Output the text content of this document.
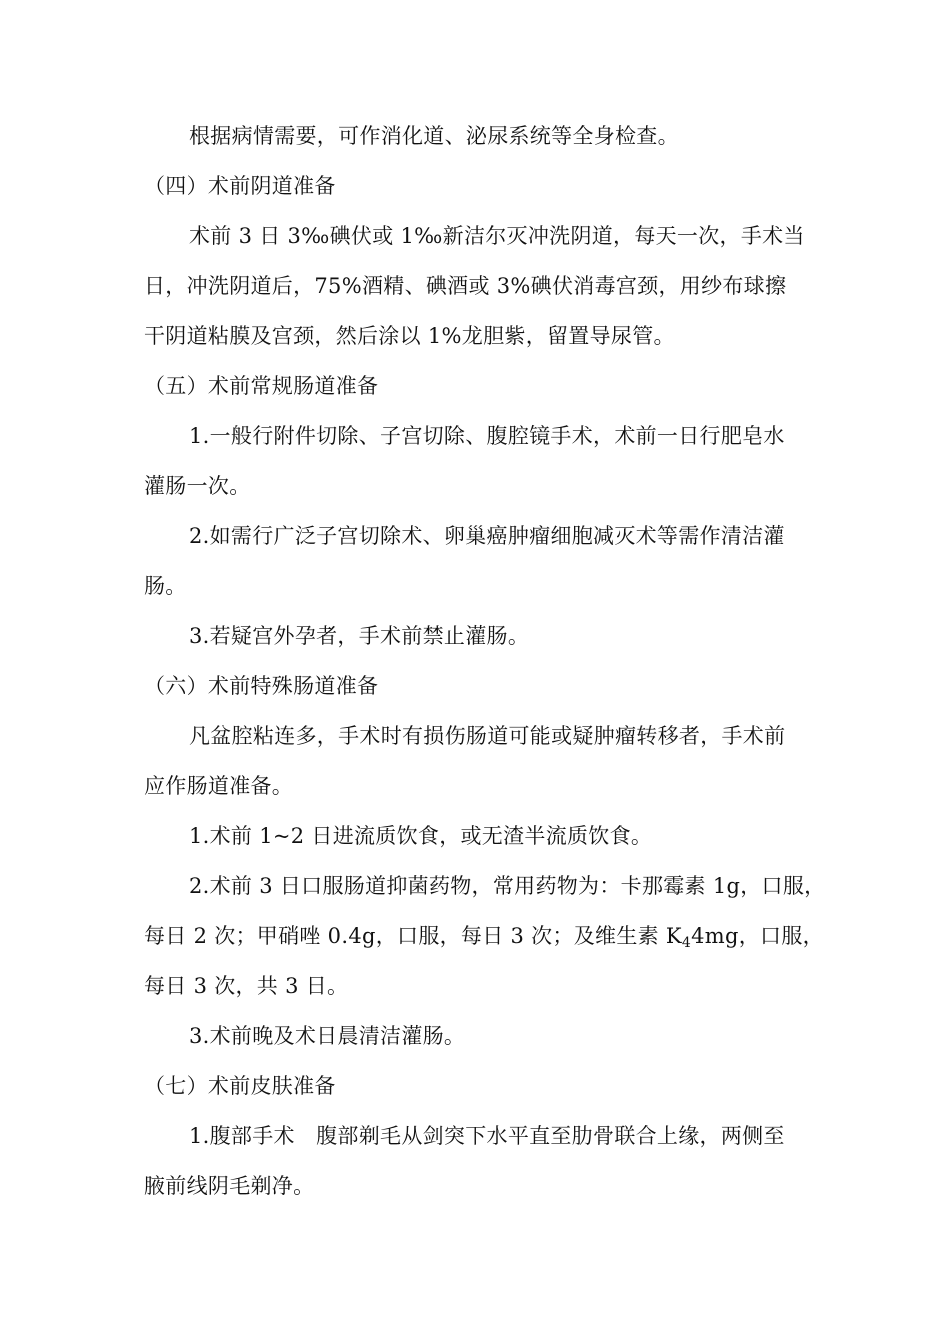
根据病情需要，可作消化道、泌尿系统等全身检查。
（四）术前阴道准备
术前 3 日 3‰碘伏或 1‰新洁尔灭冲洗阴道，每天一次，手术当
日，冲洗阴道后，75%酒精、碘酒或 3%碘伏消毒宫颈，用纱布球擦
干阴道粘膜及宫颈，然后涂以 1%龙胆紫，留置导尿管。
（五）术前常规肠道准备
1.一般行附件切除、子宫切除、腹腔镜手术，术前一日行肥皂水
灌肠一次。
2.如需行广泛子宫切除术、卵巢癌肿瘤细胞减灭术等需作清洁灌
肠。
3.若疑宫外孕者，手术前禁止灌肠。
（六）术前特殊肠道准备
凡盆腔粘连多，手术时有损伤肠道可能或疑肿瘤转移者，手术前
应作肠道准备。
1.术前 1~2 日进流质饮食，或无渣半流质饮食。
2.术前 3 日口服肠道抑菌药物，常用药物为：卡那霉素 1g，口服，
每日 2 次；甲硝唑 0.4g，口服，每日 3 次；及维生素 $K_44mg$，口服，
每日 3 次，共 3 日。
3.术前晚及术日晨清洁灌肠。
（七）术前皮肤准备
1.腹部手术　腹部剃毛从剑突下水平直至肋骨联合上缘，两侧至
腋前线阴毛剃净。
